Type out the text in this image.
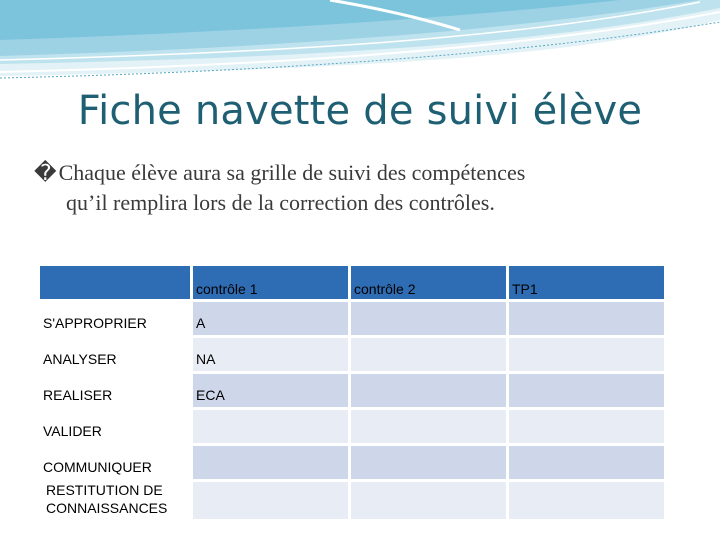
Fiche navette de suivi élève
�Chaque élève aura sa grille de suivi des compétences
qu’il remplira lors de la correction des contrôles.

	contrôle 1	contrôle 2	TP1

S'APPROPRIER	A		

ANALYSER	NA		

REALISER	ECA		

VALIDER			

COMMUNIQUER			

RESTITUTION DE
CONNAISSANCES			
